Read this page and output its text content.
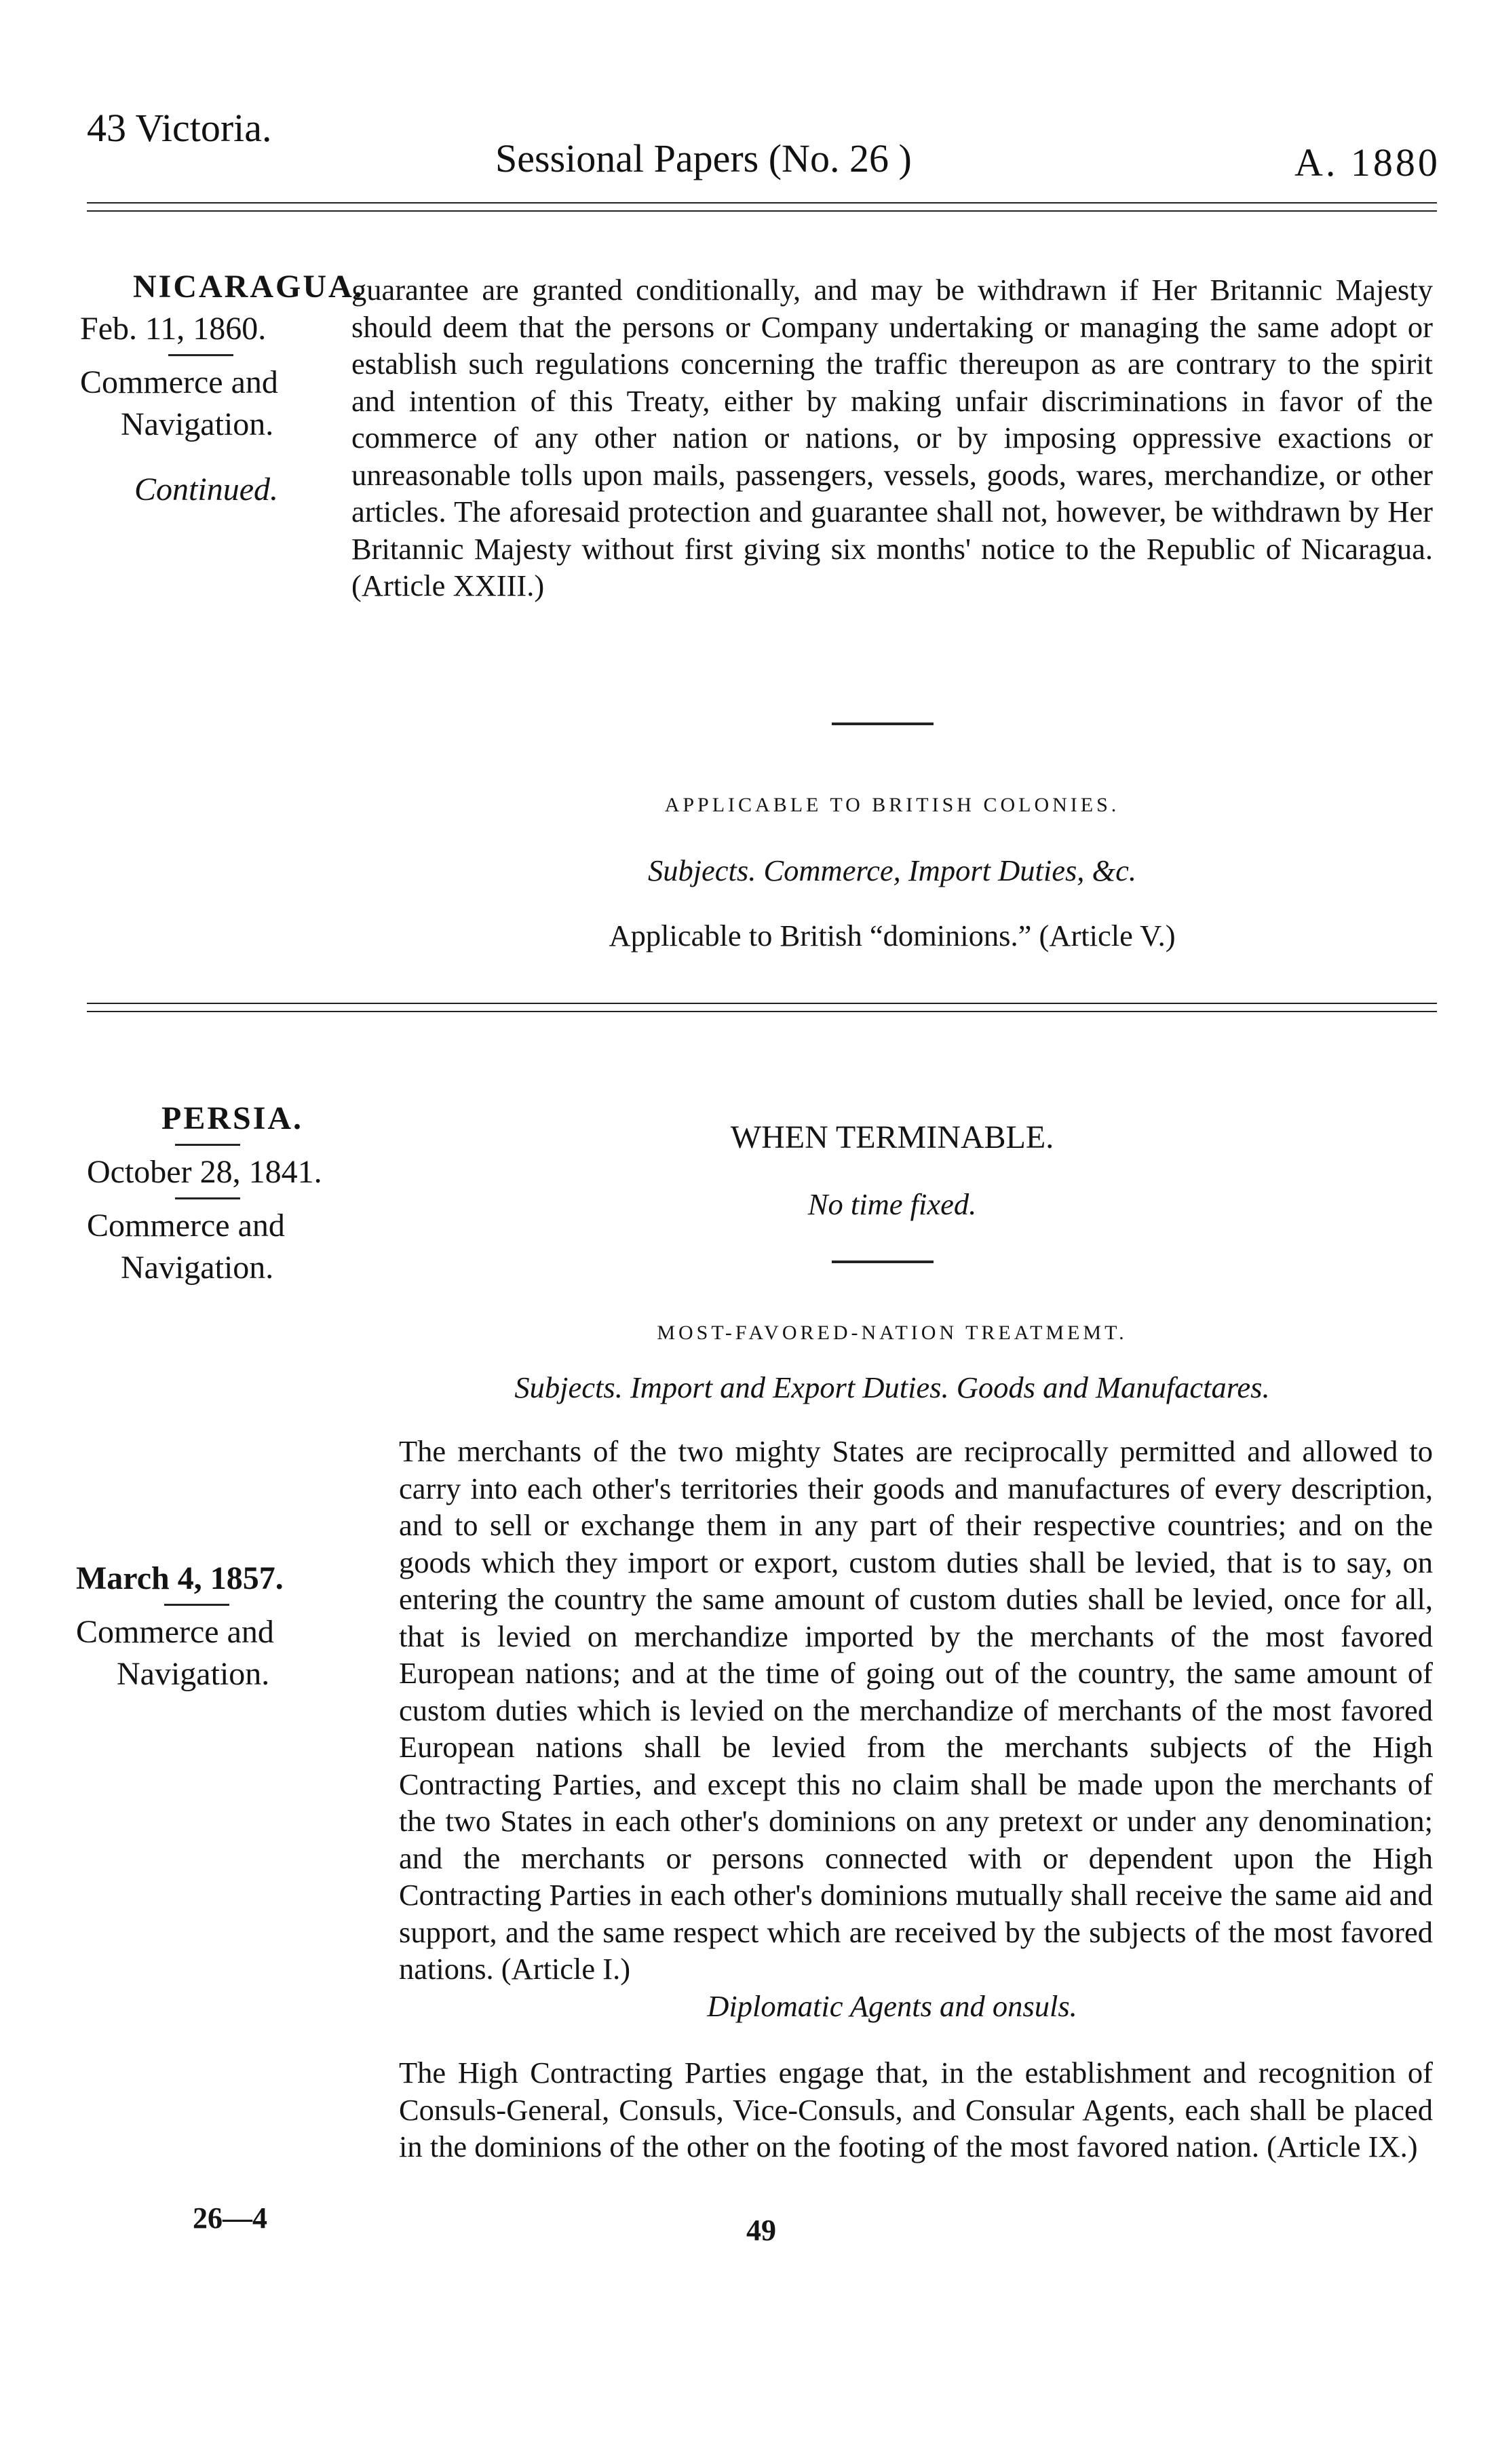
43 Victoria.
Sessional Papers (No. 26 )	A. 1880
NICARAGUA.
Feb. 11, 1860.
Commerce and
Navigation.
Continued.

guarantee are granted conditionally, and may be withdrawn if Her Britannic Majesty should deem that the persons or Company undertaking or managing the same adopt or establish such regulations concerning the traffic thereupon as are contrary to the spirit and intention of this Treaty, either by making unfair discriminations in favor of the commerce of any other nation or nations, or by imposing oppressive exactions or unreasonable tolls upon mails, passengers, vessels, goods, wares, merchandize, or other articles. The aforesaid protection and guarantee shall not, however, be withdrawn by Her Britannic Majesty without first giving six months' notice to the Republic of Nicaragua. (Article XXIII.)

APPLICABLE TO BRITISH COLONIES.
Subjects. Commerce, Import Duties, &c.
Applicable to British “dominions.” (Article V.)
PERSIA.
October 28, 1841.
Commerce and
Navigation.
March 4, 1857.
Commerce and
Navigation.
WHEN TERMINABLE.
No time fixed.
MOST-FAVORED-NATION TREATMEMT.
Subjects. Import and Export Duties. Goods and Manufactares.

The merchants of the two mighty States are reciprocally permitted and allowed to carry into each other's territories their goods and manufactures of every description, and to sell or exchange them in any part of their respective countries; and on the goods which they import or export, custom duties shall be levied, that is to say, on entering the country the same amount of custom duties shall be levied, once for all, that is levied on merchandize imported by the merchants of the most favored European nations; and at the time of going out of the country, the same amount of custom duties which is levied on the merchandize of merchants of the most favored European nations shall be levied from the merchants subjects of the High Contracting Parties, and except this no claim shall be made upon the merchants of the two States in each other's dominions on any pretext or under any denomination; and the merchants or persons connected with or dependent upon the High Contracting Parties in each other's dominions mutually shall receive the same aid and support, and the same respect which are received by the subjects of the most favored nations. (Article I.)

Diplomatic Agents and onsuls.

The High Contracting Parties engage that, in the establishment and recognition of Consuls-General, Consuls, Vice-Consuls, and Consular Agents, each shall be placed in the dominions of the other on the footing of the most favored nation. (Article IX.)

26—4	49
